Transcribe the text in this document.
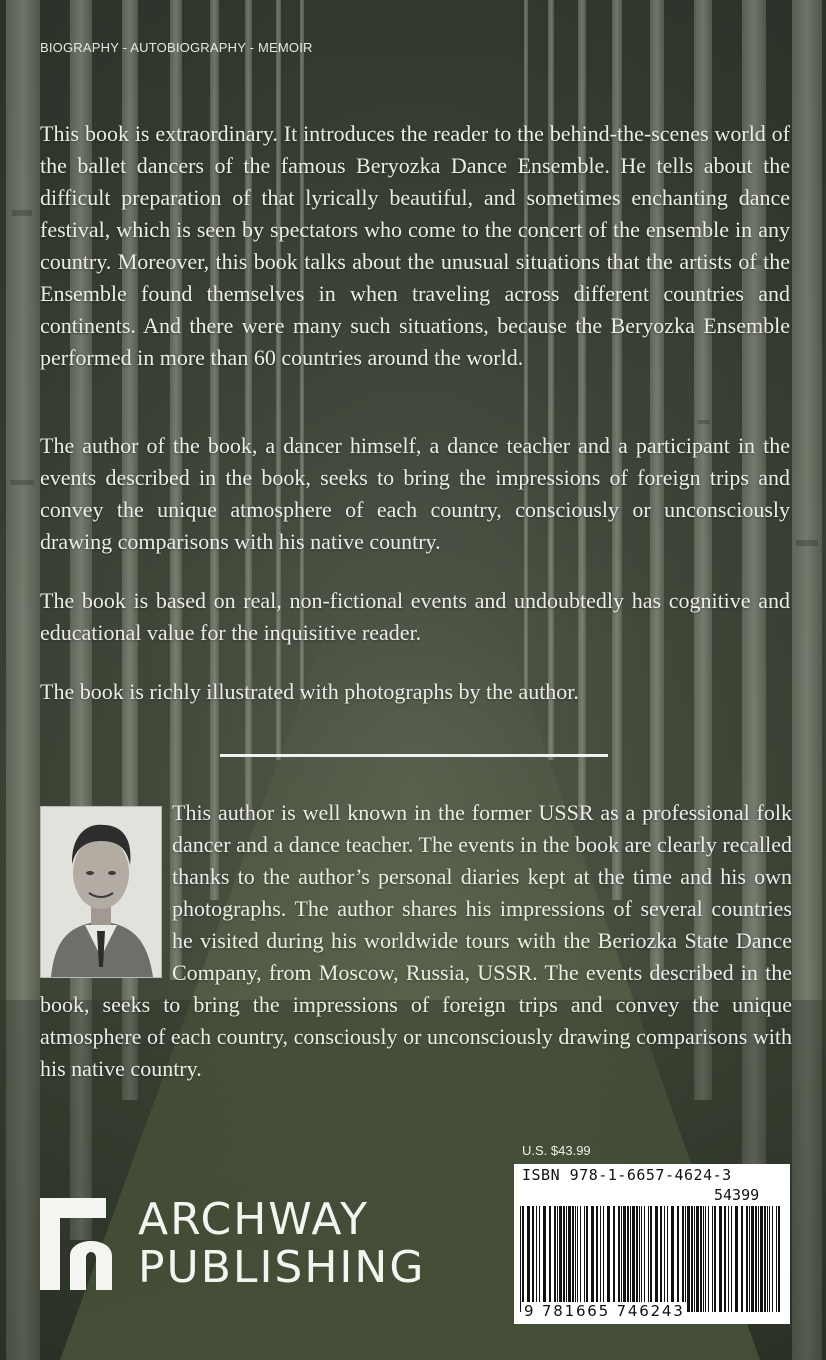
BIOGRAPHY - AUTOBIOGRAPHY - MEMOIR

This book is extraordinary. It introduces the reader to the behind-the-scenes world of the ballet dancers of the famous Beryozka Dance Ensemble. He tells about the difficult preparation of that lyrically beautiful, and sometimes enchanting dance festival, which is seen by spectators who come to the concert of the ensemble in any country. Moreover, this book talks about the unusual situations that the artists of the Ensemble found themselves in when traveling across different countries and continents. And there were many such situations, because the Beryozka Ensemble performed in more than 60 countries around the world.

The author of the book, a dancer himself, a dance teacher and a participant in the events described in the book, seeks to bring the impressions of foreign trips and convey the unique atmosphere of each country, consciously or unconsciously drawing comparisons with his native country.

The book is based on real, non-fictional events and undoubtedly has cognitive and educational value for the inquisitive reader.

The book is richly illustrated with photographs by the author.

This author is well known in the former USSR as a professional folk dancer and a dance teacher. The events in the book are clearly recalled thanks to the author’s personal diaries kept at the time and his own photographs. The author shares his impressions of several countries he visited during his worldwide tours with the Beriozka State Dance Company, from Moscow, Russia, USSR. The events described in the book, seeks to bring the impressions of foreign trips and convey the unique atmosphere of each country, consciously or unconsciously drawing comparisons with his native country.

ARCHWAY
PUBLISHING
U.S. $43.99
ISBN 978-1-6657-4624-3
54399
9 781665 746243
